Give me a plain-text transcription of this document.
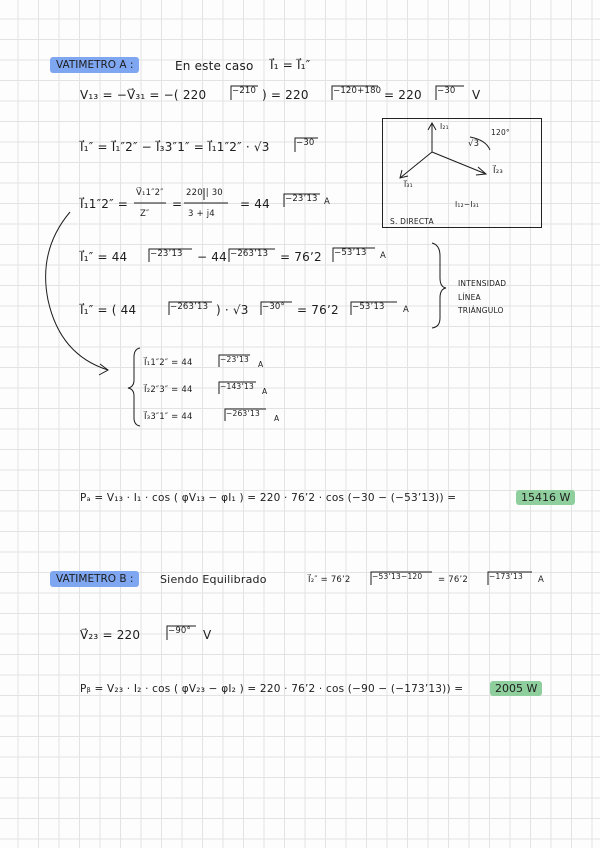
VATIMETRO A :	En este caso I⃗₁ = I⃗₁″
V₁₃ = −V⃗₃₁ = −( 220	−210 ) = 220	−120+180 = 220 −30 V
I⃗₁″ = I⃗₁″2″ − I⃗₃3″1″ = I⃗₁1″2″ · √3	−30
I⃗₁1″2″ =
V⃗₁1″2″
Z″
=
220 | 30
3 + j4
= 44 −23ʼ13 A
I⃗₁″ = 44	−23ʼ13 − 44 −263ʼ13 = 76ʼ2 −53ʼ13 A
I⃗₁″ = ( 44	−263ʼ13 ) · √3 −30° = 76ʼ2 −53ʼ13 A
INTENSIDAD
LÍNEA
TRIÁNGULO
I⃗₁1″2″ = 44	−23ʼ13
A
I⃗₂2″3″ = 44	−143ʼ13
A
I⃗₃3″1″ = 44	−263ʼ13
A
Pₐ = V₁₃ · I₁ · cos ( φV₁₃ − φI₁ ) = 220 · 76ʼ2 · cos (−30 − (−53ʼ13)) =	15416 W
I₂₁
120°
√3
I⃗₂₃
I⃗₃₁
I₁₂−I₃₁
S. DIRECTA
VATIMETRO B :	Siendo Equilibrado	I⃗₂″ = 76ʼ2	−53ʼ13−120 = 76ʼ2	−173ʼ13 A
V⃗₂₃ = 220	−90° V
Pᵦ = V₂₃ · I₂ · cos ( φV₂₃ − φI₂ ) = 220 · 76ʼ2 · cos (−90 − (−173ʼ13)) =	2005 W
